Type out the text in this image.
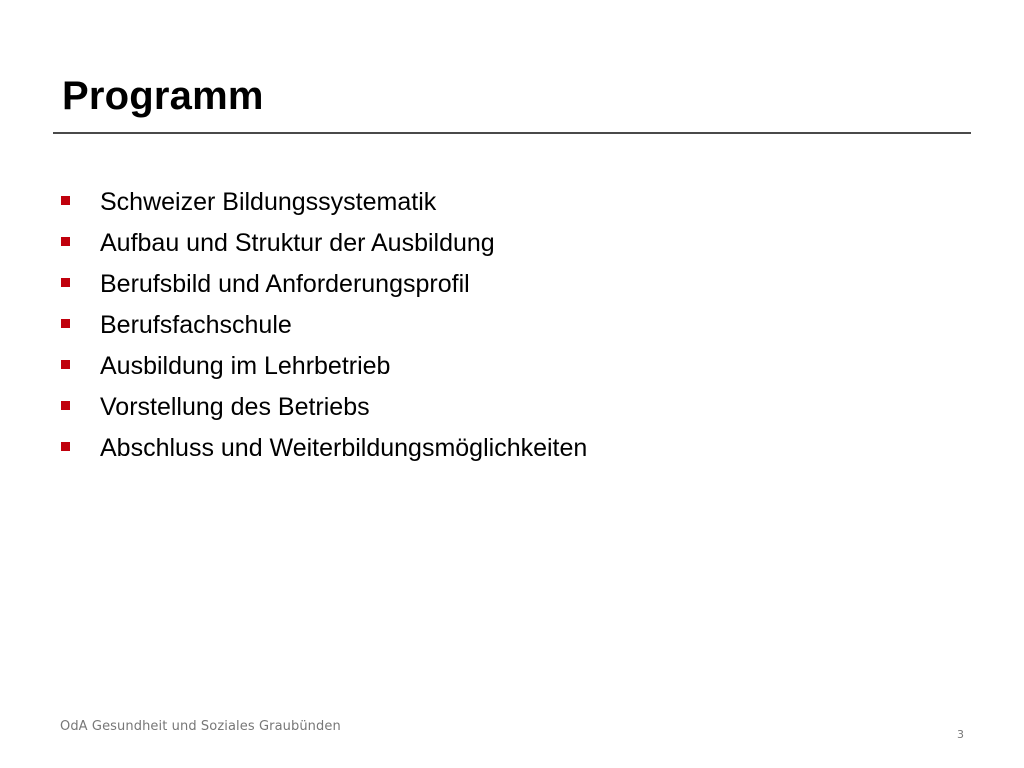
Programm
Schweizer Bildungssystematik
Aufbau und Struktur der Ausbildung
Berufsbild und Anforderungsprofil
Berufsfachschule
Ausbildung im Lehrbetrieb
Vorstellung des Betriebs
Abschluss und Weiterbildungsmöglichkeiten
OdA Gesundheit und Soziales Graubünden
3
